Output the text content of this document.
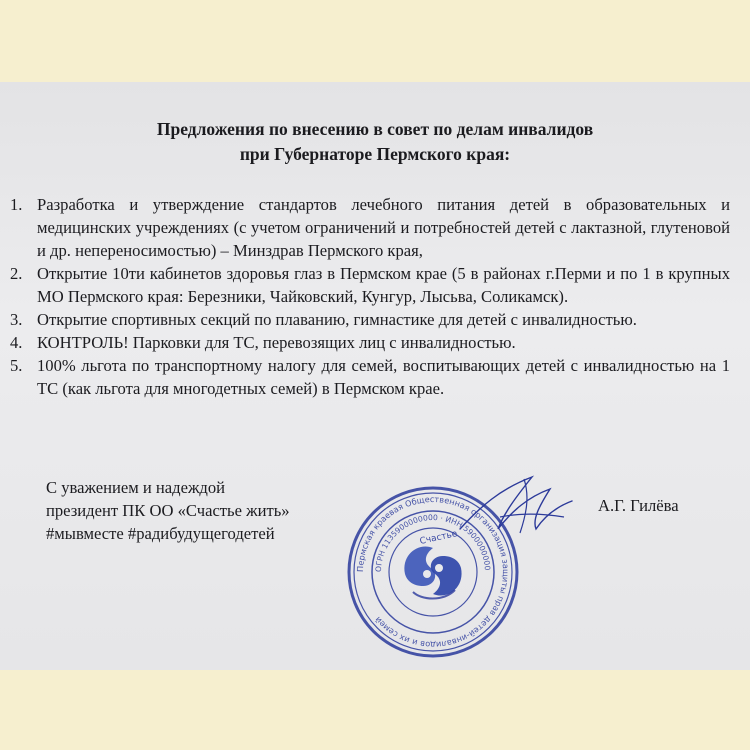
Предложения по внесению в совет по делам инвалидов
при Губернаторе Пермского края:
1. Разработка и утверждение стандартов лечебного питания детей в образовательных и медицинских учреждениях (с учетом ограничений и потребностей детей с лактазной, глутеновой и др. непереносимостью) – Минздрав Пермского края,
2. Открытие 10ти кабинетов здоровья глаз в Пермском крае (5 в районах г.Перми и по 1 в крупных МО Пермского края: Березники, Чайковский, Кунгур, Лысьва, Соликамск).
3. Открытие спортивных секций по плаванию, гимнастике для детей с инвалидностью.
4. КОНТРОЛЬ! Парковки для ТС, перевозящих лиц с инвалидностью.
5. 100% льгота по транспортному налогу для семей, воспитывающих детей с инвалидностью на 1 ТС (как льгота для многодетных семей) в Пермском крае.
С уважением и надеждой
президент ПК ОО «Счастье жить»
#мывместе #радибудущегодетей
Пермская краевая Общественная организация защиты прав детей-инвалидов и их семей
ОГРН 1135900000000 · ИНН 5900000000
Счастье
А.Г. Гилёва
